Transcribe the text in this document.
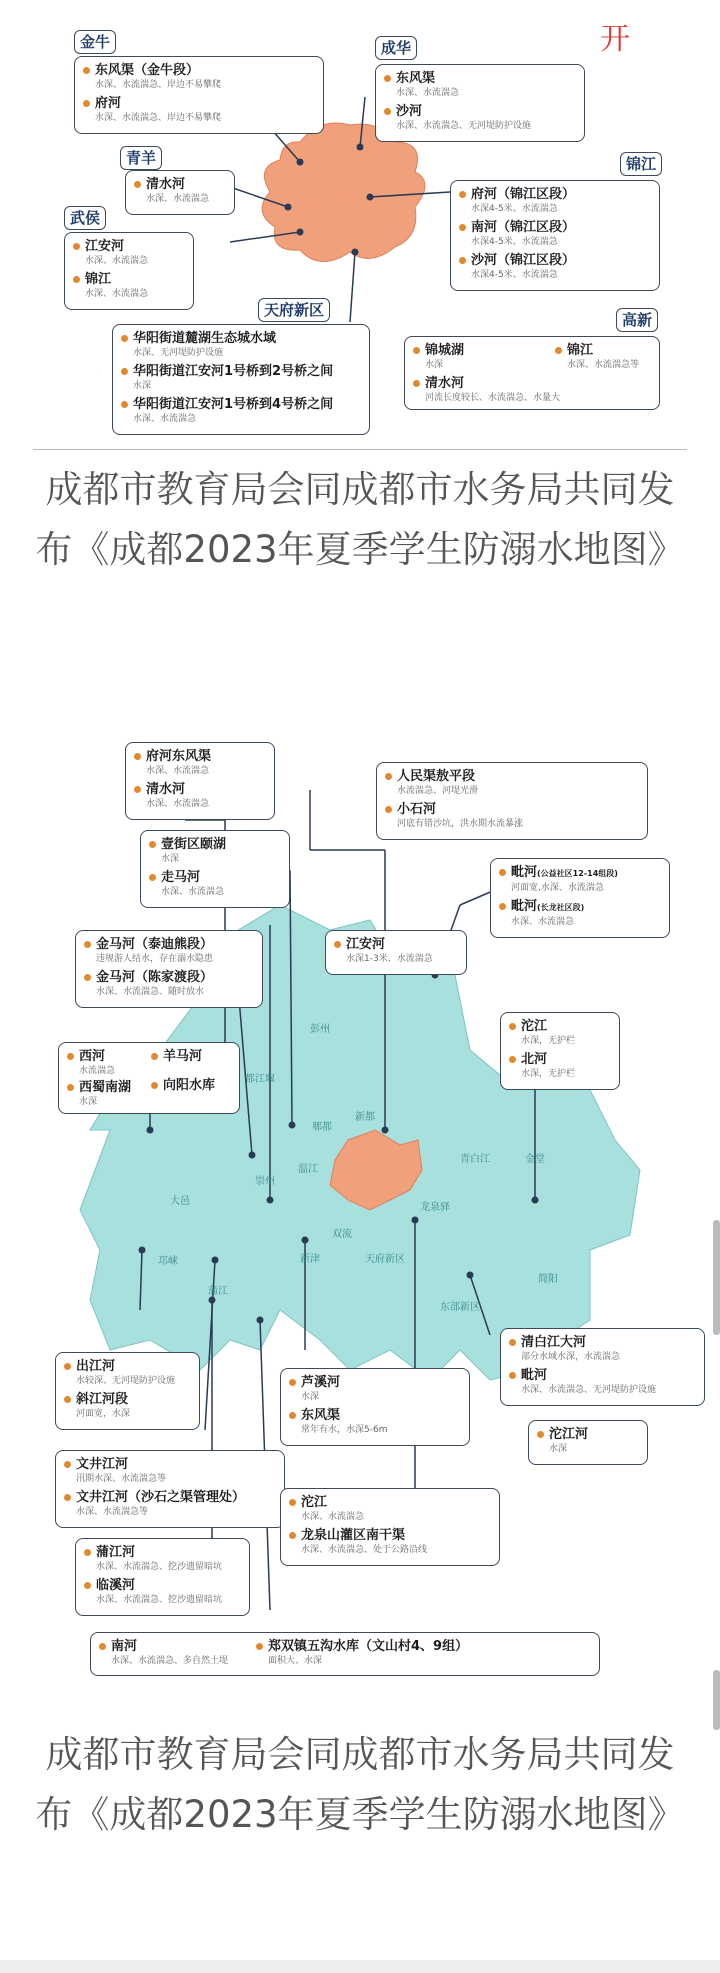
开
金牛
东风渠（金牛段）
水深、水流湍急、岸边不易攀爬
府河
水深、水流湍急、岸边不易攀爬
成华
东风渠
水深、水流湍急
沙河
水深、水流湍急、无河堤防护设施
青羊
清水河
水深、水流湍急
锦江
府河（锦江区段）
水深4-5米、水流湍急
南河（锦江区段）
水深4-5米、水流湍急
沙河（锦江区段）
水深4-5米、水流湍急
武侯
江安河
水深、水流湍急
锦江
水深、水流湍急
天府新区
华阳街道麓湖生态城水域
水深、无河堤防护设施
华阳街道江安河1号桥到2号桥之间
水深
华阳街道江安河1号桥到4号桥之间
水深、水流湍急
高新
锦城湖
水深
锦江
水深、水流湍急等
清水河
河流长度较长、水流湍急、水量大
成都市教育局会同成都市水务局共同发布《成都2023年夏季学生防溺水地图》
彭州
都江堰
新都
郫都
温江
崇州
青白江	金堂
龙泉驿
大邑
双流
天府新区
邛崃	新津
蒲江
东部新区
简阳
府河东风渠
水深、水流湍急
清水河
水深、水流湍急
人民渠敖平段
水流湍急、河堤光滑
小石河
河底有错沙坑，洪水期水流暴涨
壹街区颐湖
水深
走马河
水深、水流湍急
毗河(公益社区12-14组段)
河面宽,水深、水流湍急
毗河(长龙社区段)
水深、水流湍急
江安河
水深1-3米、水流湍急
金马河（泰迪熊段）
违规游人结水，存在溺水隐患
金马河（陈家渡段）
水深、水流湍急、随时放水
沱江
水深，无护栏
北河
水深，无护栏
西河
水流湍急
西蜀南湖
水深
羊马河
向阳水库
清白江大河
部分水域水深，水流湍急
毗河
水深、水流湍急、无河堤防护设施
出江河
水较深、无河堤防护设施
斜江河段
河面宽，水深
芦溪河
水深
东风渠
常年有水，水深5-6m	沱江河
水深
文井江河
汛期水深、水流湍急等
文井江河（沙石之渠管理处）
水深、水流湍急等
沱江
水深、水流湍急
龙泉山灌区南干渠
水深、水流湍急、处于公路沿线
蒲江河
水深、水流湍急、挖沙遗留暗坑
临溪河
水深、水流湍急、挖沙遗留暗坑
南河
水深、水流湍急、多自然土堤
郑双镇五沟水库（文山村4、9组）
面积大、水深
成都市教育局会同成都市水务局共同发布《成都2023年夏季学生防溺水地图》
